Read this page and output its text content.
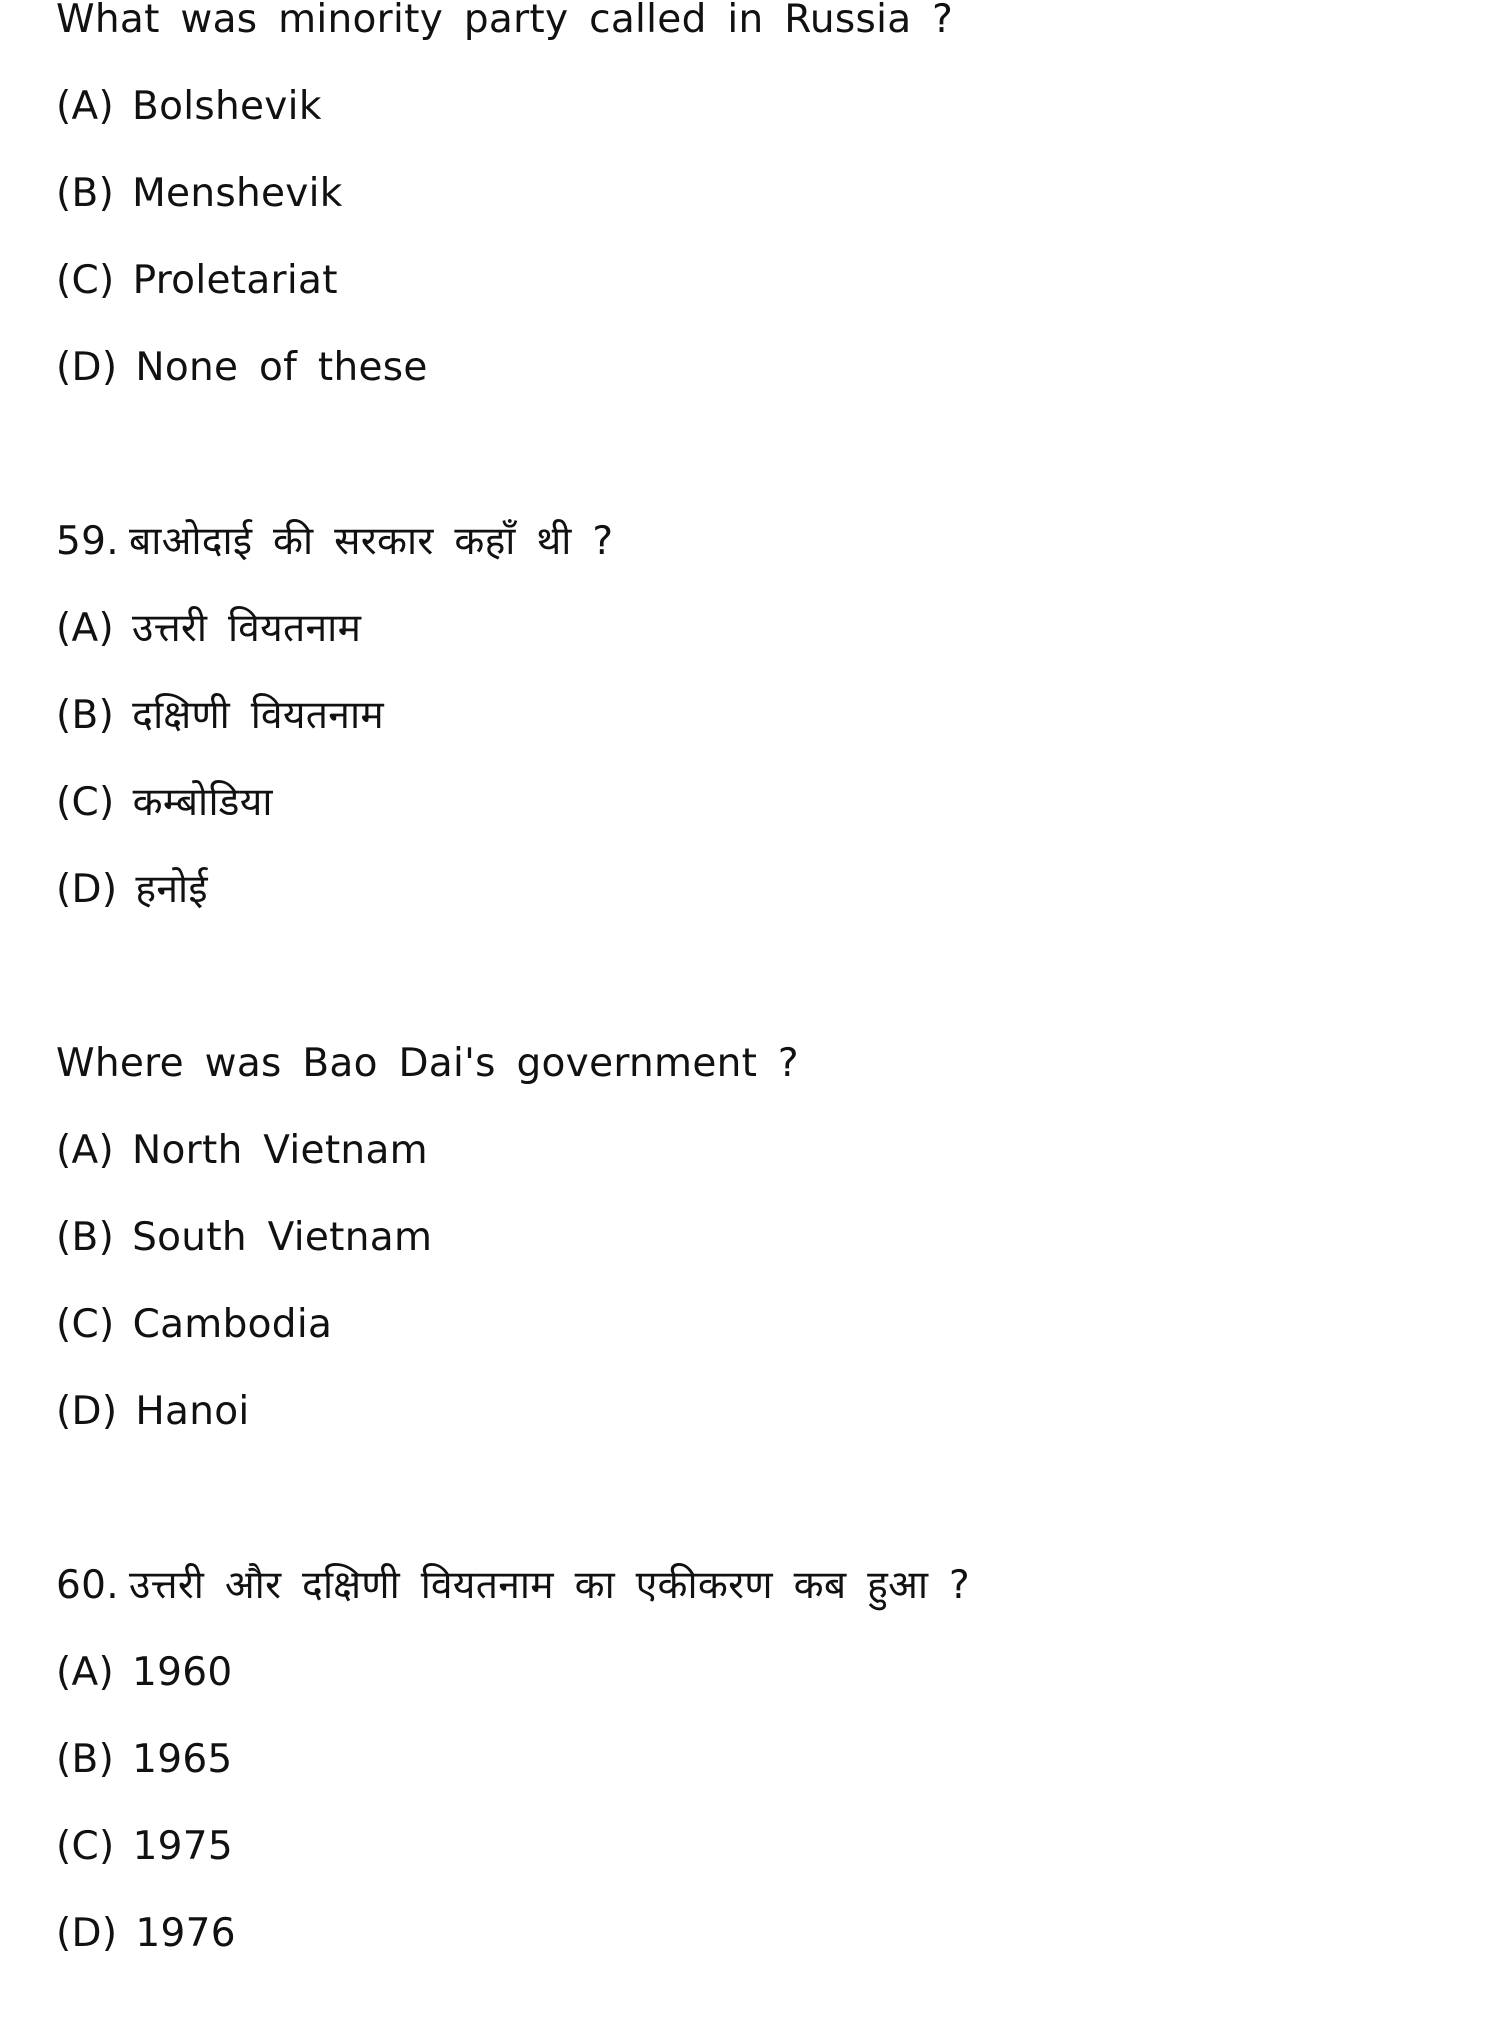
What was minority party called in Russia ?
(A) Bolshevik
(B) Menshevik
(C) Proletariat
(D) None of these
59. बाओदाई की सरकार कहाँ थी ?
(A) उत्तरी वियतनाम
(B) दक्षिणी वियतनाम
(C) कम्बोडिया
(D) हनोई
Where was Bao Dai's government ?
(A) North Vietnam
(B) South Vietnam
(C) Cambodia
(D) Hanoi
60. उत्तरी और दक्षिणी वियतनाम का एकीकरण कब हुआ ?
(A) 1960
(B) 1965
(C) 1975
(D) 1976
